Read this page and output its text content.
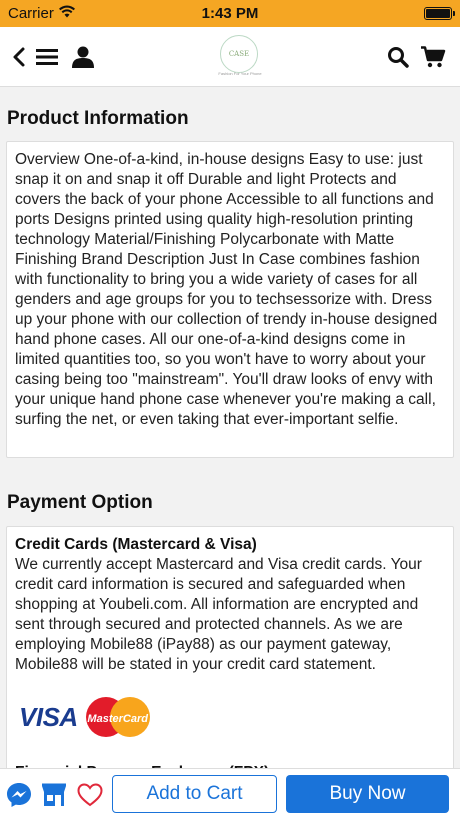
Carrier	1:43 PM
CASE
Fashion For Your Phone
Product Information
Overview One-of-a-kind, in-house designs Easy to use: just snap it on and snap it off Durable and light Protects and covers the back of your phone Accessible to all functions and ports Designs printed using quality high-resolution printing technology Material/Finishing Polycarbonate with Matte Finishing Brand Description Just In Case combines fashion with functionality to bring you a wide variety of cases for all genders and age groups for you to techsessorize with. Dress up your phone with our collection of trendy in-house designed hand phone cases. All our one-of-a-kind designs come in limited quantities too, so you won't have to worry about your casing being too "mainstream". You'll draw looks of envy with your unique hand phone case whenever you're making a call, surfing the net, or even taking that ever-important selfie.
Payment Option
Credit Cards (Mastercard & Visa)
We currently accept Mastercard and Visa credit cards. Your credit card information is secured and safeguarded when shopping at Youbeli.com. All information are encrypted and sent through secured and protected channels. As we are employing Mobile88 (iPay88) as our payment gateway, Mobile88 will be stated in your credit card statement.
VISA MasterCard
Add to Cart	Buy Now
